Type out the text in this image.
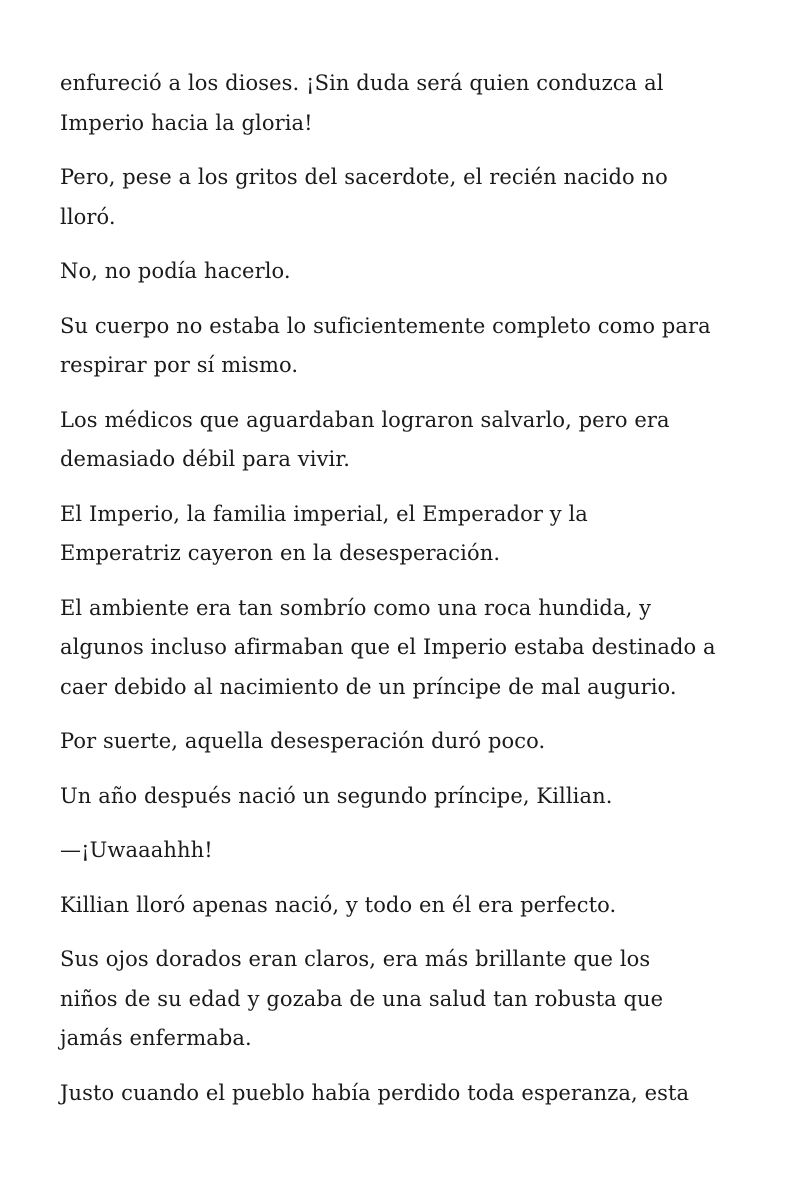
enfureció a los dioses. ¡Sin duda será quien conduzca al
Imperio hacia la gloria!

Pero, pese a los gritos del sacerdote, el recién nacido no
lloró.

No, no podía hacerlo.

Su cuerpo no estaba lo suficientemente completo como para
respirar por sí mismo.

Los médicos que aguardaban lograron salvarlo, pero era
demasiado débil para vivir.

El Imperio, la familia imperial, el Emperador y la
Emperatriz cayeron en la desesperación.

El ambiente era tan sombrío como una roca hundida, y
algunos incluso afirmaban que el Imperio estaba destinado a
caer debido al nacimiento de un príncipe de mal augurio.

Por suerte, aquella desesperación duró poco.

Un año después nació un segundo príncipe, Killian.

—¡Uwaaahhh!

Killian lloró apenas nació, y todo en él era perfecto.

Sus ojos dorados eran claros, era más brillante que los
niños de su edad y gozaba de una salud tan robusta que
jamás enfermaba.

Justo cuando el pueblo había perdido toda esperanza, esta
